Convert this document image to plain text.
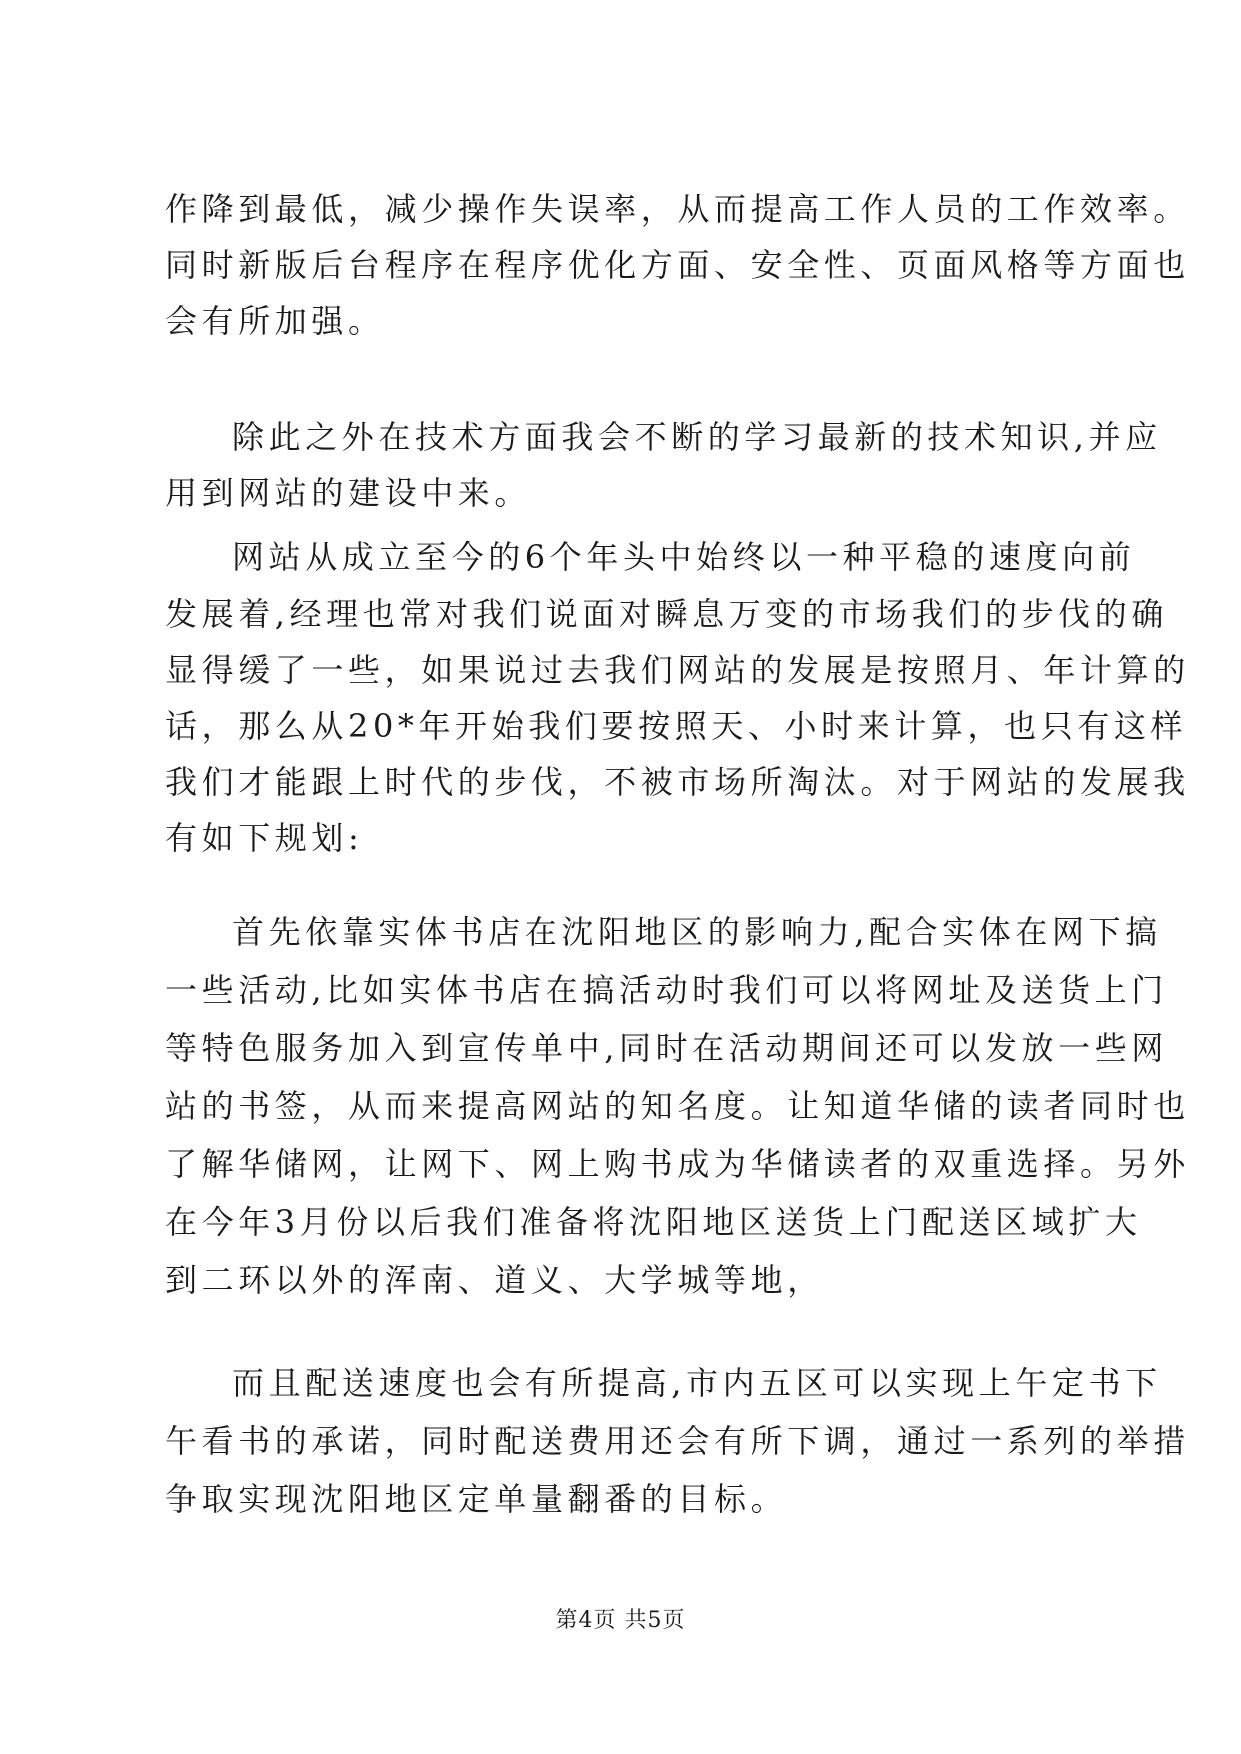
作降到最低，减少操作失误率，从而提高工作人员的工作效率。
同时新版后台程序在程序优化方面、安全性、页面风格等方面也
会有所加强。
除此之外在技术方面我会不断的学习最新的技术知识,并应
用到网站的建设中来。
网站从成立至今的6个年头中始终以一种平稳的速度向前
发展着,经理也常对我们说面对瞬息万变的市场我们的步伐的确
显得缓了一些，如果说过去我们网站的发展是按照月、年计算的
话，那么从20*年开始我们要按照天、小时来计算，也只有这样
我们才能跟上时代的步伐，不被市场所淘汰。对于网站的发展我
有如下规划:
首先依靠实体书店在沈阳地区的影响力,配合实体在网下搞
一些活动,比如实体书店在搞活动时我们可以将网址及送货上门
等特色服务加入到宣传单中,同时在活动期间还可以发放一些网
站的书签，从而来提高网站的知名度。让知道华储的读者同时也
了解华储网，让网下、网上购书成为华储读者的双重选择。另外
在今年3月份以后我们准备将沈阳地区送货上门配送区域扩大
到二环以外的浑南、道义、大学城等地，
而且配送速度也会有所提高,市内五区可以实现上午定书下
午看书的承诺，同时配送费用还会有所下调，通过一系列的举措
争取实现沈阳地区定单量翻番的目标。
第4页 共5页
